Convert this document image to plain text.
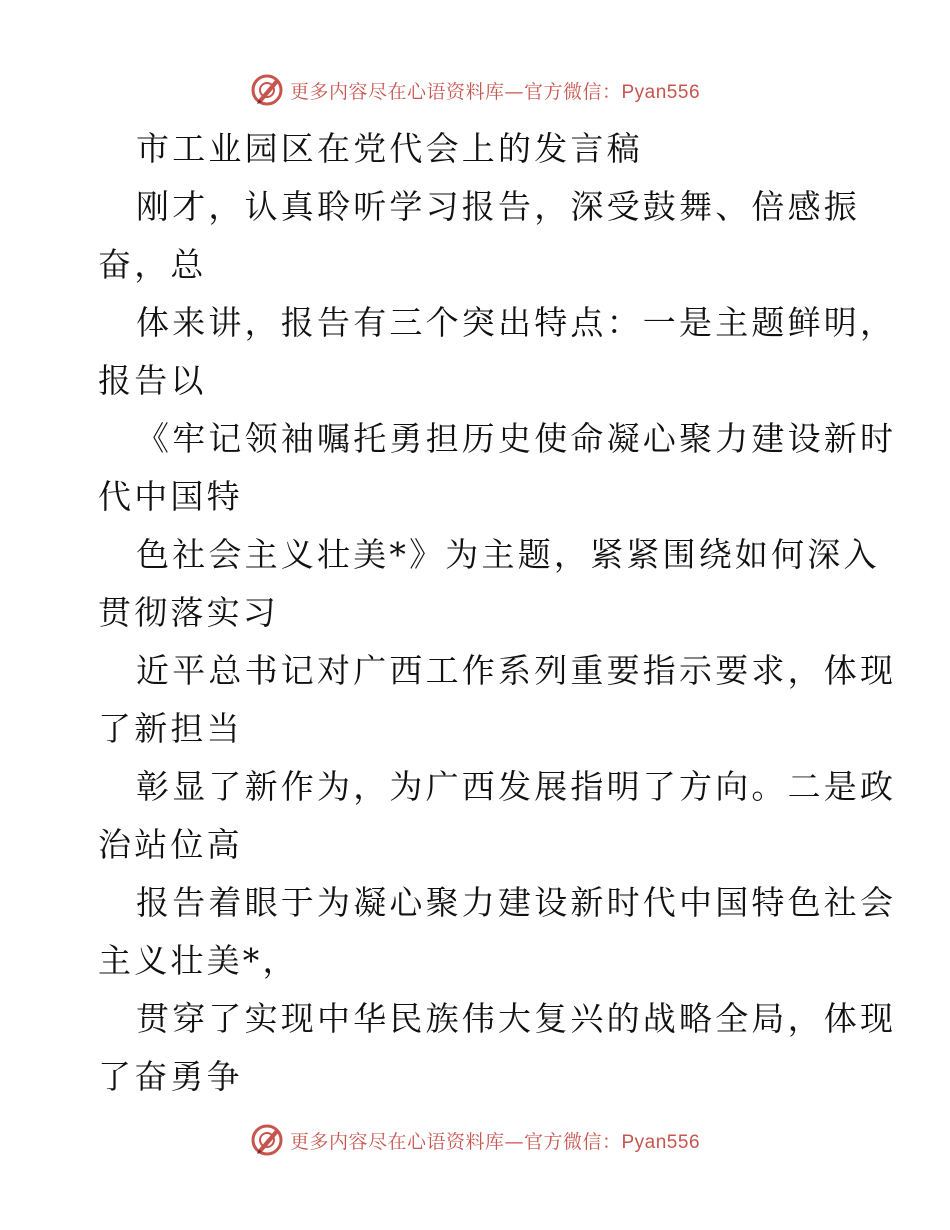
更多内容尽在心语资料库—官方微信：Pyan556
市工业园区在党代会上的发言稿
刚才，认真聆听学习报告，深受鼓舞、倍感振
奋，总
体来讲，报告有三个突出特点：一是主题鲜明，
报告以
《牢记领袖嘱托勇担历史使命凝心聚力建设新时
代中国特
色社会主义壮美*》为主题，紧紧围绕如何深入
贯彻落实习
近平总书记对广西工作系列重要指示要求，体现
了新担当
彰显了新作为，为广西发展指明了方向。二是政
治站位高
报告着眼于为凝心聚力建设新时代中国特色社会
主义壮美*，
贯穿了实现中华民族伟大复兴的战略全局，体现
了奋勇争
更多内容尽在心语资料库—官方微信：Pyan556
